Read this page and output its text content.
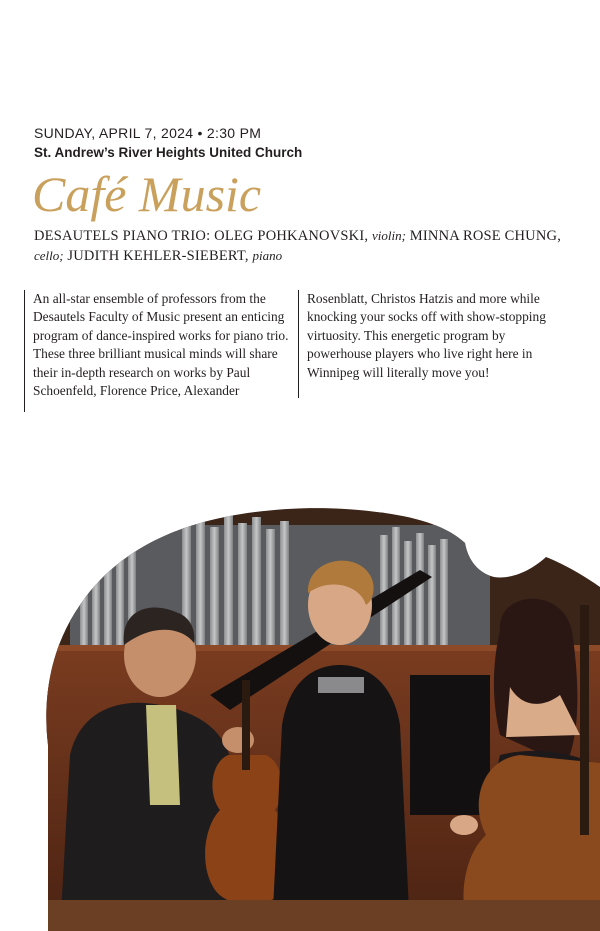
SUNDAY, APRIL 7, 2024 • 2:30 PM
St. Andrew’s River Heights United Church
Café Music
DESAUTELS PIANO TRIO: OLEG POHKANOVSKI, violin; MINNA ROSE CHUNG, cello; JUDITH KEHLER-SIEBERT, piano
An all-star ensemble of professors from the Desautels Faculty of Music present an enticing program of dance-inspired works for piano trio. These three brilliant musical minds will share their in-depth research on works by Paul Schoenfeld, Florence Price, Alexander
Rosenblatt, Christos Hatzis and more while knocking your socks off with show-stopping virtuosity. This energetic program by powerhouse players who live right here in Winnipeg will literally move you!
